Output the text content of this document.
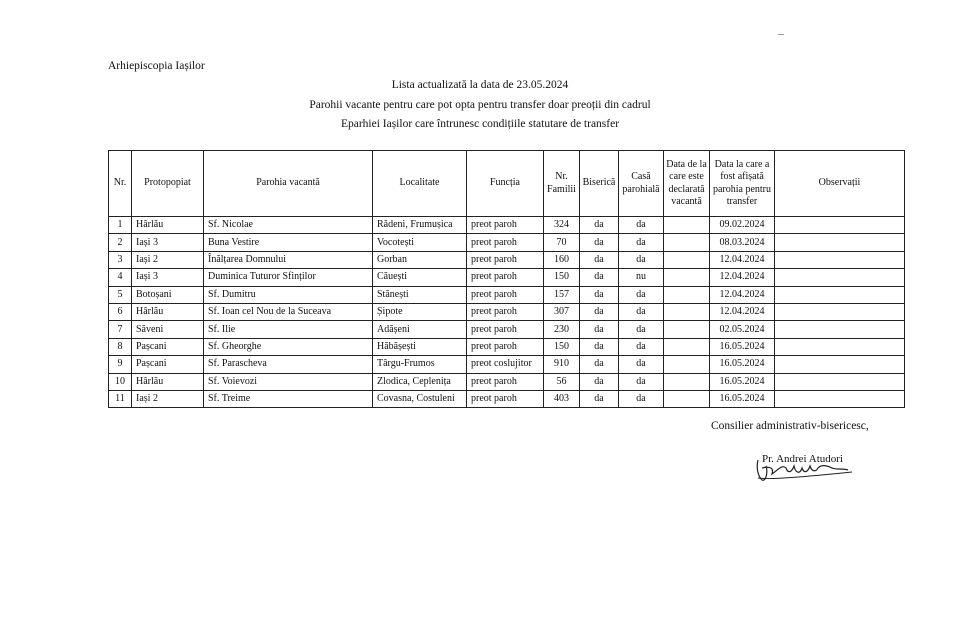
Arhiepiscopia Iașilor
Lista actualizată la data de 23.05.2024
Parohii vacante pentru care pot opta pentru transfer doar preoții din cadrul
Eparhiei Iașilor care întrunesc condițiile statutare de transfer
Nr.	Protopopiat	Parohia vacantă	Localitate	Funcția	Nr. Familii	Biserică	Casă parohială	Data de la care este declarată vacantă	Data la care a fost afișată parohia pentru transfer	Observații
1	Hârlău	Sf. Nicolae	Rădeni, Frumușica	preot paroh	324	da	da		09.02.2024	
2	Iași 3	Buna Vestire	Vocotești	preot paroh	70	da	da		08.03.2024	
3	Iași 2	Înălțarea Domnului	Gorban	preot paroh	160	da	da		12.04.2024	
4	Iași 3	Duminica Tuturor Sfinților	Căuești	preot paroh	150	da	nu		12.04.2024	
5	Botoșani	Sf. Dumitru	Stănești	preot paroh	157	da	da		12.04.2024	
6	Hârlău	Sf. Ioan cel Nou de la Suceava	Șipote	preot paroh	307	da	da		12.04.2024	
7	Săveni	Sf. Ilie	Adășeni	preot paroh	230	da	da		02.05.2024	
8	Pașcani	Sf. Gheorghe	Hăbășești	preot paroh	150	da	da		16.05.2024	
9	Pașcani	Sf. Parascheva	Târgu-Frumos	preot coslujitor	910	da	da		16.05.2024	
10	Hârlău	Sf. Voievozi	Zlodica, Ceplenița	preot paroh	56	da	da		16.05.2024	
11	Iași 2	Sf. Treime	Covasna, Costuleni	preot paroh	403	da	da		16.05.2024	
Consilier administrativ-bisericesc,
Pr. Andrei Atudori
